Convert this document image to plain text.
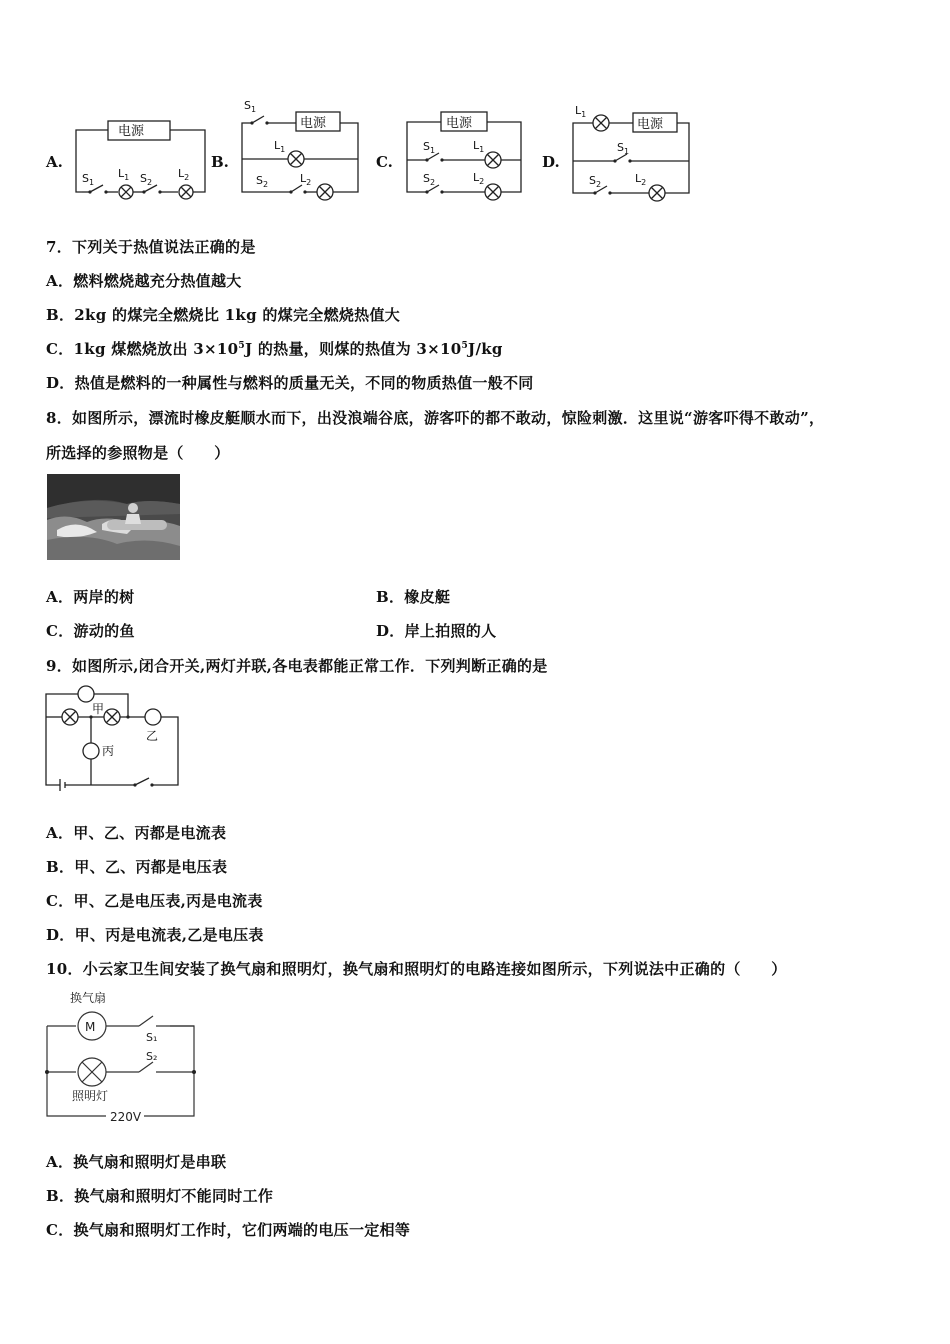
A.	B.	C.	D.
电源
$S_1$
$L_1$ $S_2$
$L_2$
电源
$S_1$
$L_1$
$S_2$	$L_2$
电源
$S_1$	$L_1$
$S_2$	$L_2$
电源
$L_1$
$S_1$
$S_2$	$L_2$
7．下列关于热值说法正确的是
A．燃料燃烧越充分热值越大
B．2kg 的煤完全燃烧比 1kg 的煤完全燃烧热值大
C．1kg 煤燃烧放出 $3\times 10^5J$ 的热量，则煤的热值为 $3\times 10^5J/kg$
D．热值是燃料的一种属性与燃料的质量无关，不同的物质热值一般不同
8．如图所示，漂流时橡皮艇顺水而下，出没浪端谷底，游客吓的都不敢动，惊险刺激．这里说“游客吓得不敢动”，
所选择的参照物是（　　）
A．两岸的树	B．橡皮艇
C．游动的鱼	D．岸上拍照的人
9．如图所示,闭合开关,两灯并联,各电表都能正常工作．下列判断正确的是
甲
乙
丙
A．甲、乙、丙都是电流表
B．甲、乙、丙都是电压表
C．甲、乙是电压表,丙是电流表
D．甲、丙是电流表,乙是电压表
10．小云家卫生间安装了换气扇和照明灯，换气扇和照明灯的电路连接如图所示，下列说法中正确的（　　）
换气扇
M
S₁
S₂
照明灯
220V
A．换气扇和照明灯是串联
B．换气扇和照明灯不能同时工作
C．换气扇和照明灯工作时，它们两端的电压一定相等
